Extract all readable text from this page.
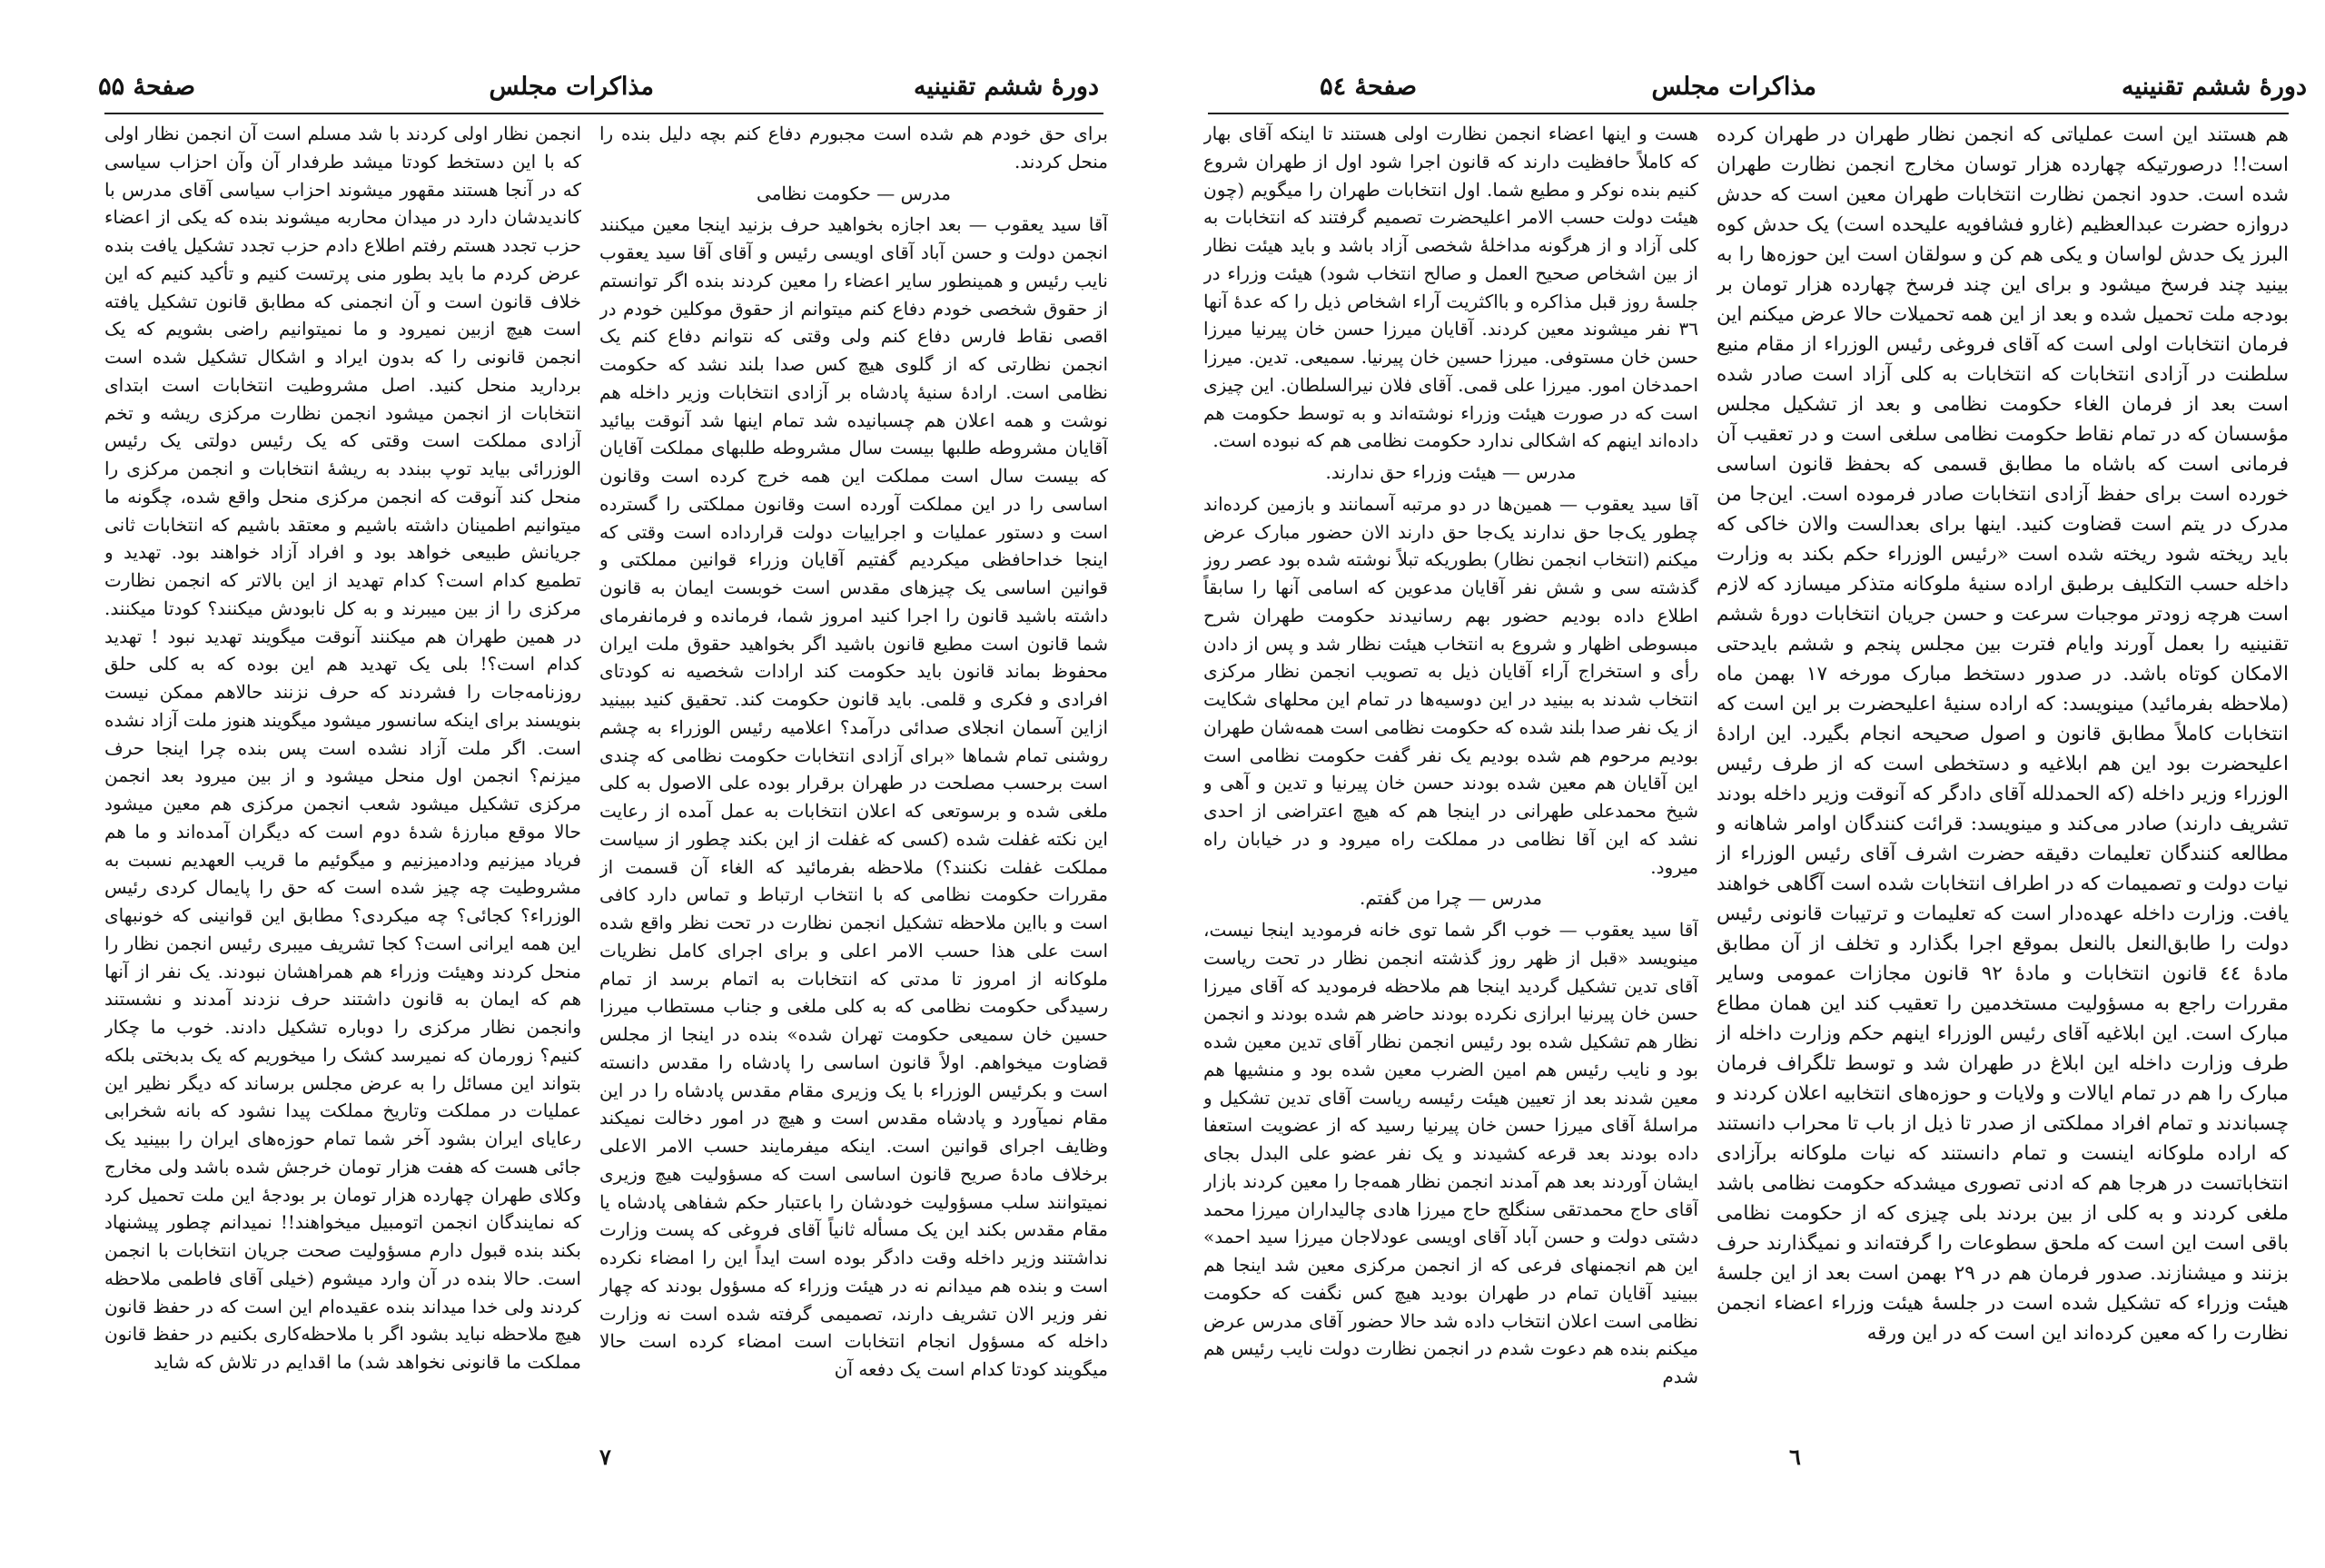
دورهٔ ششم تقنینیه
مذاکرات مجلس
صفحهٔ ۵٤

هم هستند این است عملیاتی که انجمن نظار طهران در طهران کرده است!! درصورتیکه چهارده هزار توسان مخارج انجمن نظارت طهران شده است. حدود انجمن نظارت انتخابات طهران معین است که حدش دروازه حضرت عبدالعظیم (غارو فشافویه علیحده است) یک حدش کوه البرز یک حدش لواسان و یکی هم کن و سولقان است این حوزه‌ها را به بینید چند فرسخ میشود و برای این چند فرسخ چهارده هزار تومان بر بودجه ملت تحمیل شده و بعد از این همه تحمیلات حالا عرض میکنم این فرمان انتخابات اولی است که آقای فروغی رئیس الوزراء از مقام منیع سلطنت در آزادی انتخابات که انتخابات به کلی آزاد است صادر شده است بعد از فرمان الغاء حکومت نظامی و بعد از تشکیل مجلس مؤسسان که در تمام نقاط حکومت نظامی سلغی است و در تعقیب آن فرمانی است که باشاه ما مطابق قسمی که بحفظ قانون اساسی خورده است برای حفظ آزادی انتخابات صادر فرموده است. این‌جا من مدرک در یتم است قضاوت کنید. اینها برای بعدالست والان خاکی که باید ریخته شود ریخته شده است «رئیس الوزراء حکم بکند به وزارت داخله حسب التکلیف برطبق اراده سنیهٔ ملوکانه متذکر میسازد که لازم است هرچه زودتر موجبات سرعت و حسن جریان انتخابات دورهٔ ششم تقنینیه را بعمل آورند وایام فترت بین مجلس پنجم و ششم بایدحتی الامکان کوتاه باشد. در صدور دستخط مبارک مورخه ۱۷ بهمن ماه (ملاحظه بفرمائید) مینویسد: که اراده سنیهٔ اعلیحضرت بر این است که انتخابات کاملاً مطابق قانون و اصول صحیحه انجام بگیرد. این ارادهٔ اعلیحضرت بود این هم ابلاغیه و دستخطی است که از طرف رئیس الوزراء وزیر داخله (که الحمدلله آقای دادگر که آنوقت وزیر داخله بودند تشریف دارند) صادر می‌کند و مینویسد: قرائت کنندگان اوامر شاهانه و مطالعه کنندگان تعلیمات دقیقه حضرت اشرف آقای رئیس الوزراء از نیات دولت و تصمیمات که در اطراف انتخابات شده است آگاهی خواهند یافت. وزارت داخله عهده‌دار است که تعلیمات و ترتیبات قانونی رئیس دولت را طابق‌النعل بالنعل بموقع اجرا بگذارد و تخلف از آن مطابق مادهٔ ٤٤ قانون انتخابات و مادهٔ ۹۲ قانون مجازات عمومی وسایر مقررات راجع به مسؤولیت مستخدمین را تعقیب کند این همان مطاع مبارک است. این ابلاغیه آقای رئیس الوزراء اینهم حکم وزارت داخله از طرف وزارت داخله این ابلاغ در طهران شد و توسط تلگراف فرمان مبارک را هم در تمام ایالات و ولایات و حوزه‌های انتخابیه اعلان کردند و چسباندند و تمام افراد مملکتی از صدر تا ذیل از باب تا محراب دانستند که اراده ملوکانه اینست و تمام دانستند که نیات ملوکانه برآزادی انتخاباتست در هرجا هم که ادنی تصوری میشدکه حکومت نظامی باشد ملغی کردند و به کلی از بین بردند بلی چیزی که از حکومت نظامی باقی است این است که ملحق سطوعات را گرفته‌اند و نمیگذارند حرف بزنند و میشنازند. صدور فرمان هم در ۲۹ بهمن است بعد از این جلسهٔ هیئت وزراء که تشکیل شده است در جلسهٔ هیئت وزراء اعضاء انجمن نظارت را که معین کرده‌اند این است که در این ورقه

هست و اینها اعضاء انجمن نظارت اولی هستند تا اینکه آقای بهار که کاملاً حافظیت دارند که قانون اجرا شود اول از طهران شروع کنیم بنده نوکر و مطیع شما. اول انتخابات طهران را میگویم (چون هیئت دولت حسب الامر اعلیحضرت تصمیم گرفتند که انتخابات به کلی آزاد و از هرگونه مداخلهٔ شخصی آزاد باشد و باید هیئت نظار از بین اشخاص صحیح العمل و صالح انتخاب شود) هیئت وزراء در جلسهٔ روز قبل مذاکره و بااکثریت آراء اشخاص ذیل را که عدهٔ آنها ۳٦ نفر میشوند معین کردند. آقایان میرزا حسن خان پیرنیا میرزا حسن خان مستوفی. میرزا حسین خان پیرنیا. سمیعی. تدین. میرزا احمدخان امور. میرزا علی قمی. آقای فلان نیرالسلطان. این چیزی است که در صورت هیئت وزراء نوشته‌اند و به توسط حکومت هم داده‌اند اینهم که اشکالی ندارد حکومت نظامی هم که نبوده است.

مدرس — هیئت وزراء حق ندارند.

آقا سید یعقوب — همین‌ها در دو مرتبه آسمانند و بازمین کرده‌اند چطور یک‌جا حق ندارند یک‌جا حق دارند الان حضور مبارک عرض میکنم (انتخاب انجمن نظار) بطوریکه تبلاً نوشته شده بود عصر روز گذشته سی و شش نفر آقایان مدعوین که اسامی آنها را سابقاً اطلاع داده بودیم حضور بهم رسانیدند حکومت طهران شرح مبسوطی اظهار و شروع به انتخاب هیئت نظار شد و پس از دادن رأی و استخراج آراء آقایان ذیل به تصویب انجمن نظار مرکزی انتخاب شدند به بینید در این دوسیه‌ها در تمام این محلهای شکایت از یک نفر صدا بلند شده که حکومت نظامی است همه‌شان طهران بودیم مرحوم هم شده بودیم یک نفر گفت حکومت نظامی است این آقایان هم معین شده بودند حسن خان پیرنیا و تدین و آهی و شیخ محمدعلی طهرانی در اینجا هم که هیچ اعتراضی از احدی نشد که این آقا نظامی در مملکت راه میرود و در خیابان راه میرود.

مدرس — چرا من گفتم.

آقا سید یعقوب — خوب اگر شما توی خانه فرمودید اینجا نیست، مینویسد «قبل از ظهر روز گذشته انجمن نظار در تحت ریاست آقای تدین تشکیل گردید اینجا هم ملاحظه فرمودید که آقای میرزا حسن خان پیرنیا ابرازی نکرده بودند حاضر هم شده بودند و انجمن نظار هم تشکیل شده بود رئیس انجمن نظار آقای تدین معین شده بود و نایب رئیس هم امین الضرب معین شده بود و منشیها هم معین شدند بعد از تعیین هیئت رئیسه ریاست آقای تدین تشکیل و مراسلهٔ آقای میرزا حسن خان پیرنیا رسید که از عضویت استعفا داده بودند بعد قرعه کشیدند و یک نفر عضو علی البدل بجای ایشان آوردند بعد هم آمدند انجمن نظار همه‌جا را معین کردند بازار آقای حاج محمدتقی سنگلج حاج میرزا هادی چالیداران میرزا محمد دشتی دولت و حسن آباد آقای اویسی عودلاجان میرزا سید احمد» این هم انجمنهای فرعی که از انجمن مرکزی معین شد اینجا هم ببینید آقایان تمام در طهران بودید هیچ کس نگفت که حکومت نظامی است اعلان انتخاب داده شد حالا حضور آقای مدرس عرض میکنم بنده هم دعوت شدم در انجمن نظارت دولت نایب رئیس هم شدم

٦
دورهٔ ششم تقنینیه
مذاکرات مجلس
صفحهٔ ۵۵

برای حق خودم هم شده است مجبورم دفاع کنم بچه دلیل بنده را منحل کردند.

مدرس — حکومت نظامی

آقا سید یعقوب — بعد اجازه بخواهید حرف بزنید اینجا معین میکنند انجمن دولت و حسن آباد آقای اویسی رئیس و آقای آقا سید یعقوب نایب رئیس و همینطور سایر اعضاء را معین کردند بنده اگر توانستم از حقوق شخصی خودم دفاع کنم میتوانم از حقوق موکلین خودم در اقصی نقاط فارس دفاع کنم ولی وقتی که نتوانم دفاع کنم یک انجمن نظارتی که از گلوی هیچ کس صدا بلند نشد که حکومت نظامی است. ارادهٔ سنیهٔ پادشاه بر آزادی انتخابات وزیر داخله هم نوشت و همه اعلان هم چسبانیده شد تمام اینها شد آنوقت بیائید آقایان مشروطه طلبها بیست سال مشروطه طلبهای مملکت آقایان که بیست سال است مملکت این همه خرج کرده است وقانون اساسی را در این مملکت آورده است وقانون مملکتی را گسترده است و دستور عملیات و اجراییات دولت قرارداده است وقتی که اینجا خداحافظی میکردیم گفتیم آقایان وزراء قوانین مملکتی و قوانین اساسی یک چیزهای مقدس است خوبست ایمان به قانون داشته باشید قانون را اجرا کنید امروز شما، فرمانده و فرمانفرمای شما قانون است مطیع قانون باشید اگر بخواهید حقوق ملت ایران محفوظ بماند قانون باید حکومت کند ارادات شخصیه نه کودتای افرادی و فکری و قلمی. باید قانون حکومت کند. تحقیق کنید ببینید ازاین آسمان انجلای صدائی درآمد؟ اعلامیه رئیس الوزراء به چشم روشنی تمام شماها «برای آزادی انتخابات حکومت نظامی که چندی است برحسب مصلحت در طهران برقرار بوده علی الاصول به کلی ملغی شده و برسوتعی که اعلان انتخابات به عمل آمده از رعایت این نکته غفلت شده (کسی که غفلت از این بکند چطور از سیاست مملکت غفلت نکنند؟) ملاحظه بفرمائید که الغاء آن قسمت از مقررات حکومت نظامی که با انتخاب ارتباط و تماس دارد کافی است و بااین ملاحظه تشکیل انجمن نظارت در تحت نظر واقع شده است علی هذا حسب الامر اعلی و برای اجرای کامل نظریات ملوکانه از امروز تا مدتی که انتخابات به اتمام برسد از تمام رسیدگی حکومت نظامی که به کلی ملغی و جناب مستطاب میرزا حسین خان سمیعی حکومت تهران شده» بنده در اینجا از مجلس قضاوت میخواهم. اولاً قانون اساسی را پادشاه را مقدس دانسته است و بکرئیس الوزراء با یک وزیری مقام مقدس پادشاه را در این مقام نمیآورد و پادشاه مقدس است و هیچ در امور دخالت نمیکند وظایف اجرای قوانین است. اینکه میفرمایند حسب الامر الاعلی برخلاف مادهٔ صریح قانون اساسی است که مسؤولیت هیچ وزیری نمیتوانند سلب مسؤولیت خودشان را باعتبار حکم شفاهی پادشاه یا مقام مقدس بکند این یک مسأله ثانیاً آقای فروغی که پست وزارت نداشتند وزیر داخله وقت دادگر بوده است ایداً این را امضاء نکرده است و بنده هم میدانم نه در هیئت وزراء که مسؤول بودند که چهار نفر وزیر الان تشریف دارند، تصمیمی گرفته شده است نه وزارت داخله که مسؤول انجام انتخابات است امضاء کرده است حالا میگویند کودتا کدام است یک دفعه آن

انجمن نظار اولی کردند با شد مسلم است آن انجمن نظار اولی که با این دستخط کودتا میشد طرفدار آن وآن احزاب سیاسی که در آنجا هستند مقهور میشوند احزاب سیاسی آقای مدرس با کاندیدشان دارد در میدان محاربه میشوند بنده که یکی از اعضاء حزب تجدد هستم رفتم اطلاع دادم حزب تجدد تشکیل یافت بنده عرض کردم ما باید بطور منی پرتست کنیم و تأکید کنیم که این خلاف قانون است و آن انجمنی که مطابق قانون تشکیل یافته است هیچ ازبین نمیرود و ما نمیتوانیم راضی بشویم که یک انجمن قانونی را که بدون ایراد و اشکال تشکیل شده است بردارید منحل کنید. اصل مشروطیت انتخابات است ابتدای انتخابات از انجمن میشود انجمن نظارت مرکزی ریشه و تخم آزادی مملکت است وقتی که یک رئیس دولتی یک رئیس الوزرائی بیاید توپ ببندد به ریشهٔ انتخابات و انجمن مرکزی را منحل کند آنوقت که انجمن مرکزی منحل واقع شده، چگونه ما میتوانیم اطمینان داشته باشیم و معتقد باشیم که انتخابات ثانی جریانش طبیعی خواهد بود و افراد آزاد خواهند بود. تهدید و تطمیع کدام است؟ کدام تهدید از این بالاتر که انجمن نظارت مرکزی را از بین میبرند و به کل نابودش میکنند؟ کودتا میکنند. در همین طهران هم میکنند آنوقت میگویند تهدید نبود ! تهدید کدام است؟! بلی یک تهدید هم این بوده که به کلی حلق روزنامه‌جات را فشردند که حرف نزنند حالاهم ممکن نیست بنویسند برای اینکه سانسور میشود میگویند هنوز ملت آزاد نشده است. اگر ملت آزاد نشده است پس بنده چرا اینجا حرف میزنم؟ انجمن اول منحل میشود و از بین میرود بعد انجمن مرکزی تشکیل میشود شعب انجمن مرکزی هم معین میشود حالا موقع مبارزهٔ شدهٔ دوم است که دیگران آمده‌اند و ما هم فریاد میزنیم ودادمیزنیم و میگوئیم ما قریب العهدیم نسبت به مشروطیت چه چیز شده است که حق را پایمال کردی رئیس الوزراء؟ کجائی؟ چه میکردی؟ مطابق این قوانینی که خونبهای این همه ایرانی است؟ کجا تشریف میبری رئیس انجمن نظار را منحل کردند وهیئت وزراء هم همراهشان نبودند. یک نفر از آنها هم که ایمان به قانون داشتند حرف نزدند آمدند و نشستند وانجمن نظار مرکزی را دوباره تشکیل دادند. خوب ما چکار کنیم؟ زورمان که نمیرسد کشک را میخوریم که یک بدبختی بلکه بتواند این مسائل را به عرض مجلس برساند که دیگر نظیر این عملیات در مملکت وتاریخ مملکت پیدا نشود که بانه شخرابی رعایای ایران بشود آخر شما تمام حوزه‌های ایران را ببینید یک جائی هست که هفت هزار تومان خرجش شده باشد ولی مخارج وکلای طهران چهارده هزار تومان بر بودجهٔ این ملت تحمیل کرد که نمایندگان انجمن اتومبیل میخواهند!! نمیدانم چطور پیشنهاد بکند بنده قبول دارم مسؤولیت صحت جریان انتخابات با انجمن است. حالا بنده در آن وارد میشوم (خیلی آقای فاطمی ملاحظه کردند ولی خدا میداند بنده عقیده‌ام این است که در حفظ قانون هیچ ملاحظه نباید بشود اگر با ملاحظه‌کاری بکنیم در حفظ قانون مملکت ما قانونی نخواهد شد) ما اقدایم در تلاش که شاید

٧
